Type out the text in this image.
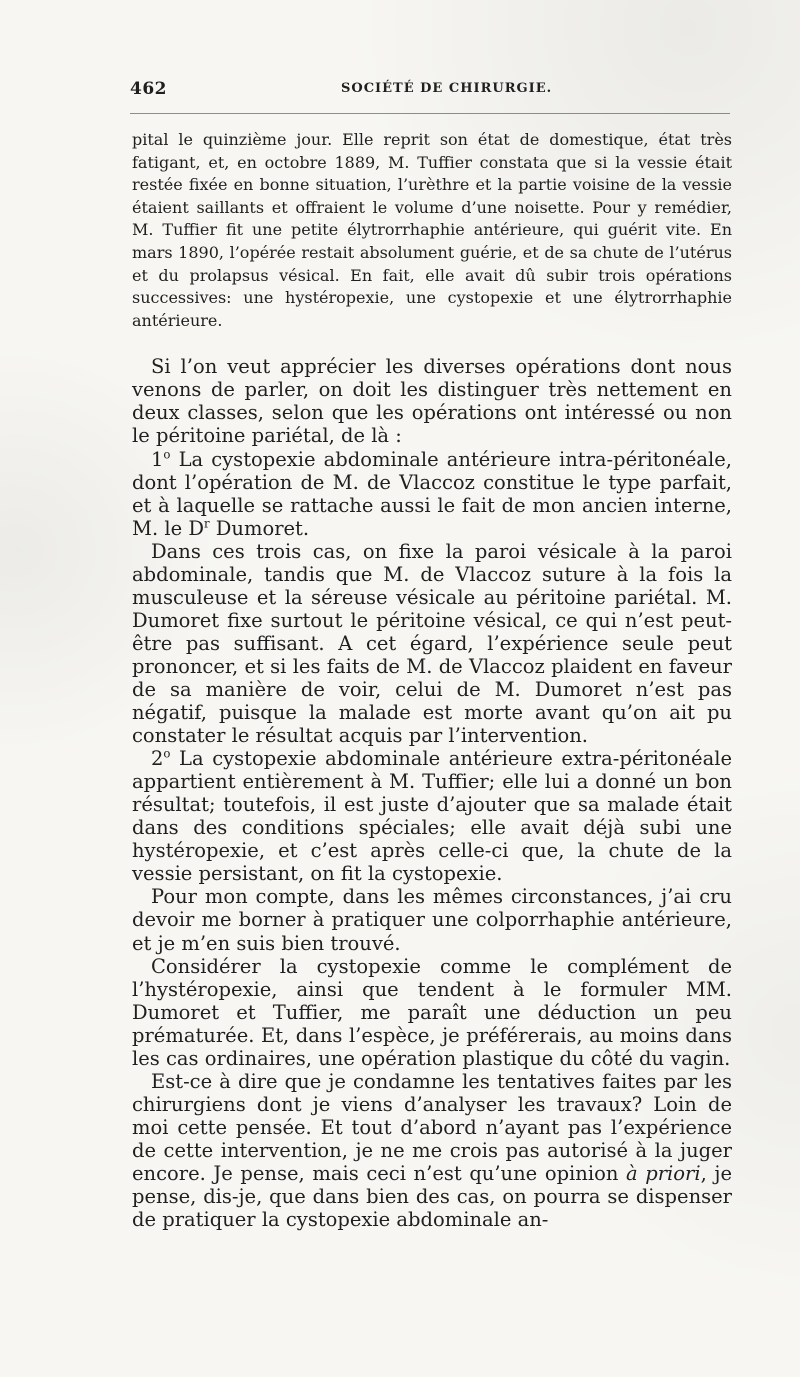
462	SOCIÉTÉ DE CHIRURGIE.

pital le quinzième jour. Elle reprit son état de domestique, état très fatigant, et, en octobre 1889, M. Tuffier constata que si la vessie était restée fixée en bonne situation, l’urèthre et la partie voisine de la vessie étaient saillants et offraient le volume d’une noisette. Pour y remédier, M. Tuffier fit une petite élytrorrhaphie antérieure, qui guérit vite. En mars 1890, l’opérée restait absolument guérie, et de sa chute de l’utérus et du prolapsus vésical. En fait, elle avait dû subir trois opérations successives: une hystéropexie, une cystopexie et une élytrorrhaphie antérieure.

Si l’on veut apprécier les diverses opérations dont nous venons de parler, on doit les distinguer très nettement en deux classes, selon que les opérations ont intéressé ou non le péritoine pariétal, de là :

1$^o$ La cystopexie abdominale antérieure intra-péritonéale, dont l’opération de M. de Vlaccoz constitue le type parfait, et à laquelle se rattache aussi le fait de mon ancien interne, M. le $D^r$ Dumoret.

Dans ces trois cas, on fixe la paroi vésicale à la paroi abdominale, tandis que M. de Vlaccoz suture à la fois la musculeuse et la séreuse vésicale au péritoine pariétal. M. Dumoret fixe surtout le péritoine vésical, ce qui n’est peut-être pas suffisant. A cet égard, l’expérience seule peut prononcer, et si les faits de M. de Vlaccoz plaident en faveur de sa manière de voir, celui de M. Dumoret n’est pas négatif, puisque la malade est morte avant qu’on ait pu constater le résultat acquis par l’intervention.

2$^o$ La cystopexie abdominale antérieure extra-péritonéale appartient entièrement à M. Tuffier; elle lui a donné un bon résultat; toutefois, il est juste d’ajouter que sa malade était dans des conditions spéciales; elle avait déjà subi une hystéropexie, et c’est après celle-ci que, la chute de la vessie persistant, on fit la cystopexie.

Pour mon compte, dans les mêmes circonstances, j’ai cru devoir me borner à pratiquer une colporrhaphie antérieure, et je m’en suis bien trouvé.

Considérer la cystopexie comme le complément de l’hystéropexie, ainsi que tendent à le formuler MM. Dumoret et Tuffier, me paraît une déduction un peu prématurée. Et, dans l’espèce, je préférerais, au moins dans les cas ordinaires, une opération plastique du côté du vagin.

Est-ce à dire que je condamne les tentatives faites par les chirurgiens dont je viens d’analyser les travaux? Loin de moi cette pensée. Et tout d’abord n’ayant pas l’expérience de cette intervention, je ne me crois pas autorisé à la juger encore. Je pense, mais ceci n’est qu’une opinion à priori, je pense, dis-je, que dans bien des cas, on pourra se dispenser de pratiquer la cystopexie abdominale an-
